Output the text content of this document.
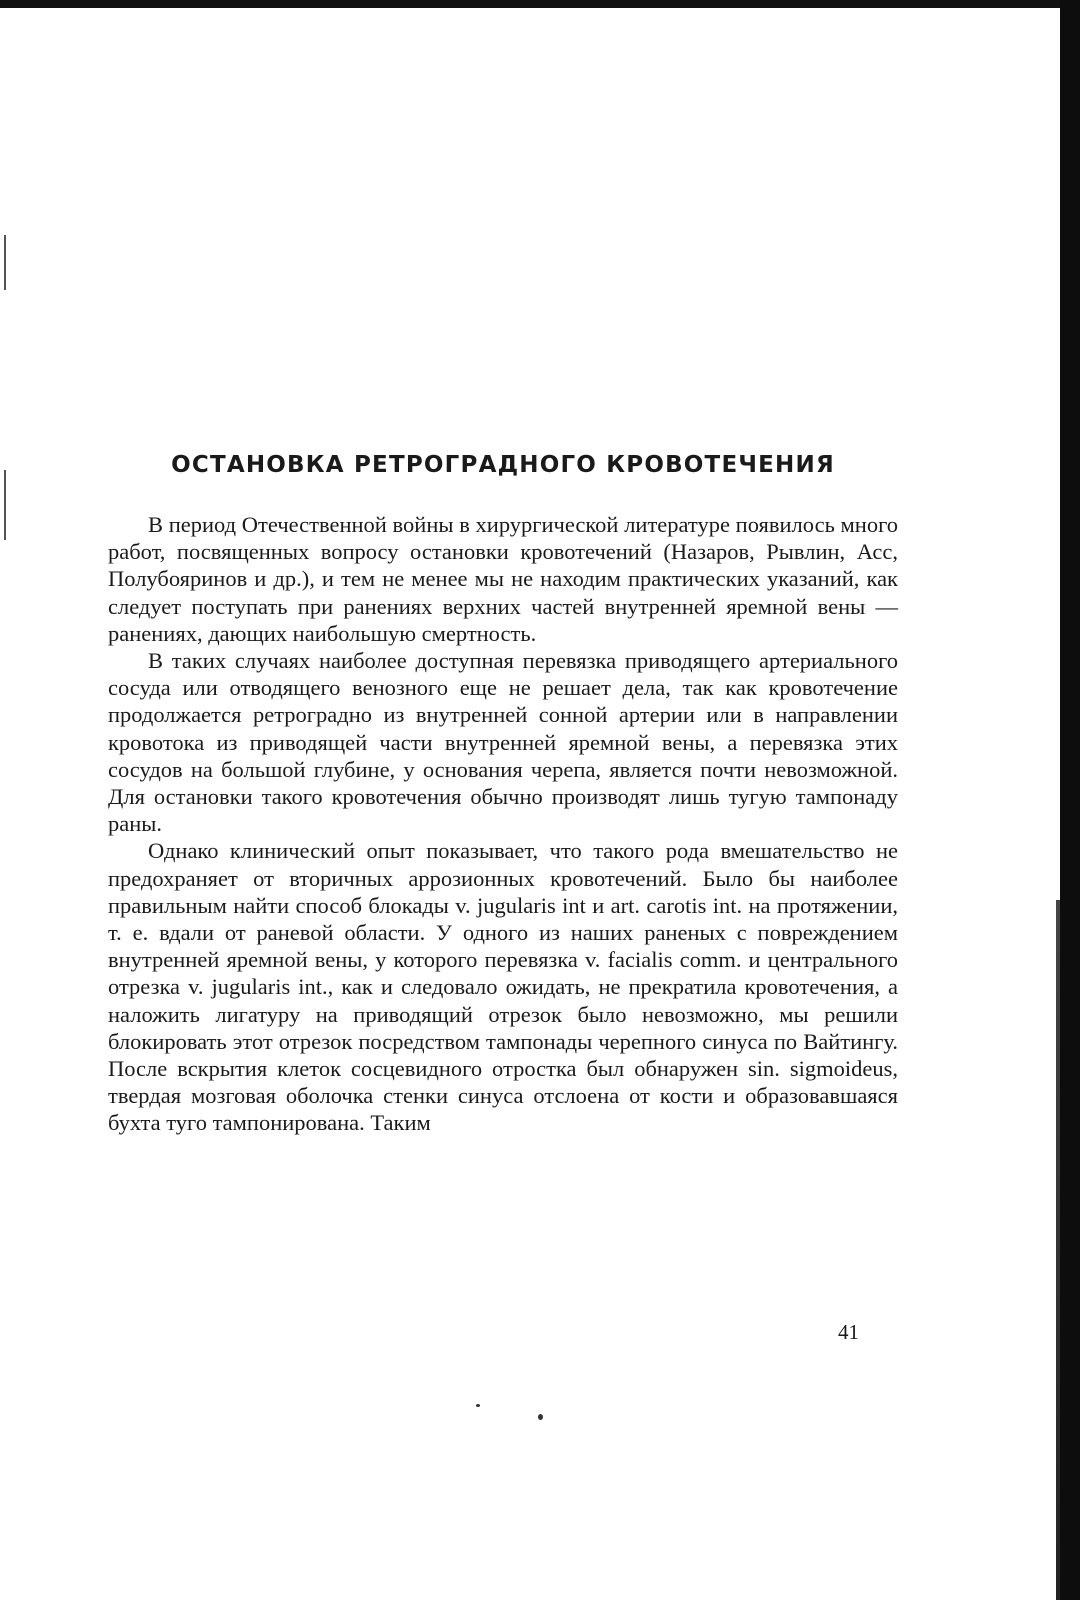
ОСТАНОВКА РЕТРОГРАДНОГО КРОВОТЕЧЕНИЯ

В период Отечественной войны в хирургической литературе появилось много работ, посвященных вопросу остановки кровотечений (Назаров, Рывлин, Асс, Полубояринов и др.), и тем не менее мы не находим практических указаний, как следует поступать при ранениях верхних частей внутренней яремной вены — ранениях, дающих наибольшую смертность.

В таких случаях наиболее доступная перевязка приводящего артериального сосуда или отводящего венозного еще не решает дела, так как кровотечение продолжается ретроградно из внутренней сонной артерии или в направлении кровотока из приводящей части внутренней яремной вены, а перевязка этих сосудов на большой глубине, у основания черепа, является почти невозможной. Для остановки такого кровотечения обычно производят лишь тугую тампонаду раны.

Однако клинический опыт показывает, что такого рода вмешательство не предохраняет от вторичных аррозионных кровотечений. Было бы наиболее правильным найти способ блокады v. jugularis int и art. carotis int. на протяжении, т. е. вдали от раневой области. У одного из наших раненых с повреждением внутренней яремной вены, у которого перевязка v. facialis comm. и центрального отрезка v. jugularis int., как и следовало ожидать, не прекратила кровотечения, а наложить лигатуру на приводящий отрезок было невозможно, мы решили блокировать этот отрезок посредством тампонады черепного синуса по Вайтингу. После вскрытия клеток сосцевидного отростка был обнаружен sin. sigmoideus, твердая мозговая оболочка стенки синуса отслоена от кости и образовавшаяся бухта туго тампонирована. Таким

41
